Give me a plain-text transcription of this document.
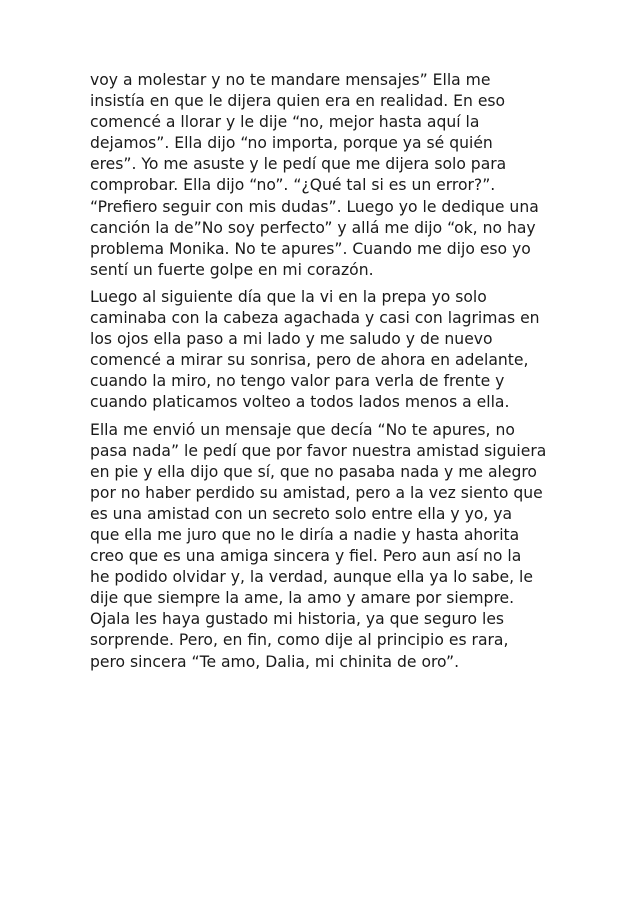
voy a molestar y no te mandare mensajes” Ella me
insistía en que le dijera quien era en realidad. En eso
comencé a llorar y le dije “no, mejor hasta aquí la
dejamos”. Ella dijo “no importa, porque ya sé quién
eres”. Yo me asuste y le pedí que me dijera solo para
comprobar. Ella dijo “no”. “¿Qué tal si es un error?”.
“Prefiero seguir con mis dudas”. Luego yo le dedique una
canción la de”No soy perfecto” y allá me dijo “ok, no hay
problema Monika. No te apures”. Cuando me dijo eso yo
sentí un fuerte golpe en mi corazón.
Luego al siguiente día que la vi en la prepa yo solo
caminaba con la cabeza agachada y casi con lagrimas en
los ojos ella paso a mi lado y me saludo y de nuevo
comencé a mirar su sonrisa, pero de ahora en adelante,
cuando la miro, no tengo valor para verla de frente y
cuando platicamos volteo a todos lados menos a ella.
Ella me envió un mensaje que decía “No te apures, no
pasa nada” le pedí que por favor nuestra amistad siguiera
en pie y ella dijo que sí, que no pasaba nada y me alegro
por no haber perdido su amistad, pero a la vez siento que
es una amistad con un secreto solo entre ella y yo, ya
que ella me juro que no le diría a nadie y hasta ahorita
creo que es una amiga sincera y fiel. Pero aun así no la
he podido olvidar y, la verdad, aunque ella ya lo sabe, le
dije que siempre la ame, la amo y amare por siempre.
Ojala les haya gustado mi historia, ya que seguro les
sorprende. Pero, en fin, como dije al principio es rara,
pero sincera “Te amo, Dalia, mi chinita de oro”.
